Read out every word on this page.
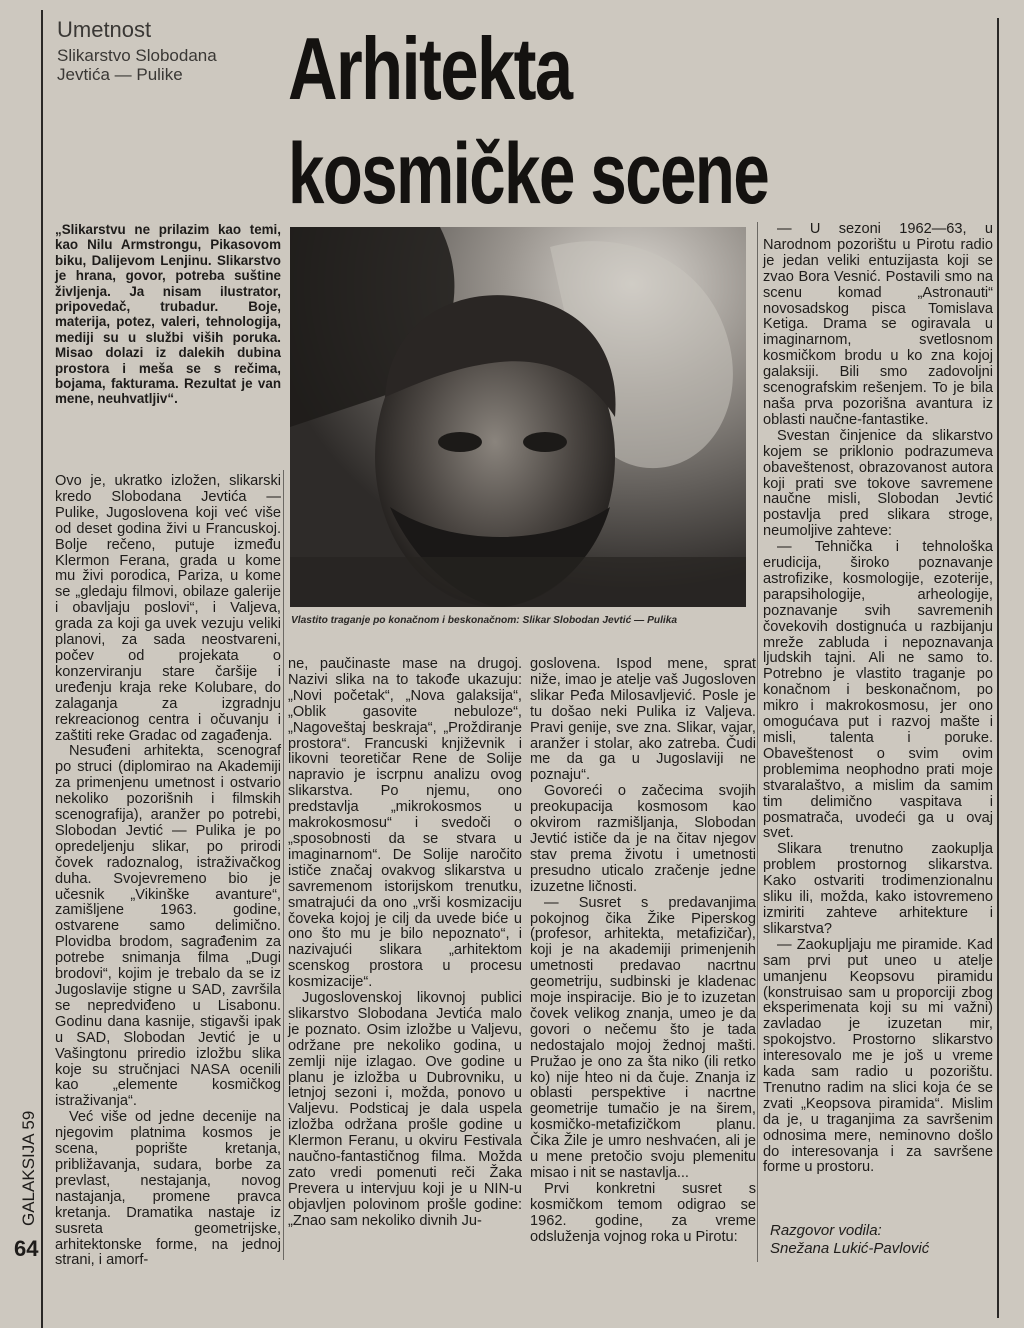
Umetnost
Slikarstvo Slobodana
Jevtića — Pulike	Arhitekta
kosmičke scene
„Slikarstvu ne prilazim kao temi, kao Nilu Armstrongu, Pikasovom biku, Dalijevom Lenjinu. Slikarstvo je hrana, govor, potreba suštine življenja. Ja nisam ilustrator, pripovedač, trubadur. Boje, materija, potez, valeri, tehnologija, mediji su u službi viših poruka. Misao dolazi iz dalekih dubina prostora i meša se s rečima, bojama, fakturama. Rezultat je van mene, neuhvatljiv“.
Vlastito traganje po konačnom i beskonačnom: Slikar Slobodan Jevtić — Pulika

Ovo je, ukratko izložen, slikarski kredo Slobodana Jevtića — Pulike, Jugoslovena koji već više od deset godina živi u Francuskoj. Bolje rečeno, putuje između Klermon Ferana, grada u kome mu živi porodica, Pariza, u kome se „gledaju filmovi, obilaze galerije i obavljaju poslovi“, i Valjeva, grada za koji ga uvek vezuju veliki planovi, za sada neostvareni, počev od projekata o konzerviranju stare čaršije i uređenju kraja reke Kolubare, do zalaganja za izgradnju rekreacionog centra i očuvanju i zaštiti reke Gradac od zagađenja.

Nesuđeni arhitekta, scenograf po struci (diplomirao na Akademiji za primenjenu umetnost i ostvario nekoliko pozorišnih i filmskih scenografija), aranžer po potrebi, Slobodan Jevtić — Pulika je po opredeljenju slikar, po prirodi čovek radoznalog, istraživačkog duha. Svojevremeno bio je učesnik „Vikinške avanture“, zamišljene 1963. godine, ostvarene samo delimično. Plovidba brodom, sagrađenim za potrebe snimanja filma „Dugi brodovi“, kojim je trebalo da se iz Jugoslavije stigne u SAD, završila se nepredviđeno u Lisabonu. Godinu dana kasnije, stigavši ipak u SAD, Slobodan Jevtić je u Vašingtonu priredio izložbu slika koje su stručnjaci NASA ocenili kao „elemente kosmičkog istraživanja“.

Već više od jedne decenije na njegovim platnima kosmos je scena, poprište kretanja, približavanja, sudara, borbe za prevlast, nestajanja, novog nastajanja, promene pravca kretanja. Dramatika nastaje iz susreta geometrijske, arhitektonske forme, na jednoj strani, i amorf-

ne, paučinaste mase na drugoj. Nazivi slika na to takođe ukazuju: „Novi početak“, „Nova galaksija“, „Oblik gasovite nebuloze“, „Nagoveštaj beskraja“, „Proždiranje prostora“. Francuski književnik i likovni teoretičar Rene de Solije napravio je iscrpnu analizu ovog slikarstva. Po njemu, ono predstavlja „mikrokosmos u makrokosmosu“ i svedoči o „sposobnosti da se stvara u imaginarnom“. De Solije naročito ističe značaj ovakvog slikarstva u savremenom istorijskom trenutku, smatrajući da ono „vrši kosmizaciju čoveka kojoj je cilj da uvede biće u ono što mu je bilo nepoznato“, i nazivajući slikara „arhitektom scenskog prostora u procesu kosmizacije“.

Jugoslovenskoj likovnoj publici slikarstvo Slobodana Jevtića malo je poznato. Osim izložbe u Valjevu, održane pre nekoliko godina, u zemlji nije izlagao. Ove godine u planu je izložba u Dubrovniku, u letnjoj sezoni i, možda, ponovo u Valjevu. Podsticaj je dala uspela izložba održana prošle godine u Klermon Feranu, u okviru Festivala naučno-fantastičnog filma. Možda zato vredi pomenuti reči Žaka Prevera u intervjuu koji je u NIN-u objavljen polovinom prošle godine: „Znao sam nekoliko divnih Ju-

goslovena. Ispod mene, sprat niže, imao je atelje vaš Jugosloven slikar Peđa Milosavljević. Posle je tu došao neki Pulika iz Valjeva. Pravi genije, sve zna. Slikar, vajar, aranžer i stolar, ako zatreba. Čudi me da ga u Jugoslaviji ne poznaju“.

Govoreći o začecima svojih preokupacija kosmosom kao okvirom razmišljanja, Slobodan Jevtić ističe da je na čitav njegov stav prema životu i umetnosti presudno uticalo zračenje jedne izuzetne ličnosti.

— Susret s predavanjima pokojnog čika Žike Piperskog (profesor, arhitekta, metafizičar), koji je na akademiji primenjenih umetnosti predavao nacrtnu geometriju, sudbinski je kladenac moje inspiracije. Bio je to izuzetan čovek velikog znanja, umeo je da govori o nečemu što je tada nedostajalo mojoj žednoj mašti. Pružao je ono za šta niko (ili retko ko) nije hteo ni da čuje. Znanja iz oblasti perspektive i nacrtne geometrije tumačio je na širem, kosmičko-metafizičkom planu. Čika Žile je umro neshvaćen, ali je u mene pretočio svoju plemenitu misao i nit se nastavlja...

Prvi konkretni susret s kosmičkom temom odigrao se 1962. godine, za vreme odsluženja vojnog roka u Pirotu:

— U sezoni 1962—63, u Narodnom pozorištu u Pirotu radio je jedan veliki entuzijasta koji se zvao Bora Vesnić. Postavili smo na scenu komad „Astronauti“ novosadskog pisca Tomislava Ketiga. Drama se ogiravala u imaginarnom, svetlosnom kosmičkom brodu u ko zna kojoj galaksiji. Bili smo zadovoljni scenografskim rešenjem. To je bila naša prva pozorišna avantura iz oblasti naučne-fantastike.

Svestan činjenice da slikarstvo kojem se priklonio podrazumeva obaveštenost, obrazovanost autora koji prati sve tokove savremene naučne misli, Slobodan Jevtić postavlja pred slikara stroge, neumoljive zahteve:

— Tehnička i tehnološka erudicija, široko poznavanje astrofizike, kosmologije, ezoterije, parapsihologije, arheologije, poznavanje svih savremenih čovekovih dostignuća u razbijanju mreže zabluda i nepoznavanja ljudskih tajni. Ali ne samo to. Potrebno je vlastito traganje po konačnom i beskonačnom, po mikro i makrokosmosu, jer ono omogućava put i razvoj mašte i misli, talenta i poruke. Obaveštenost o svim ovim problemima neophodno prati moje stvaralaštvo, a mislim da samim tim delimično vaspitava i posmatrača, uvodeći ga u ovaj svet.

Slikara trenutno zaokuplja problem prostornog slikarstva. Kako ostvariti trodimenzionalnu sliku ili, možda, kako istovremeno izmiriti zahteve arhitekture i slikarstva?

— Zaokupljaju me piramide. Kad sam prvi put uneo u atelje umanjenu Keopsovu piramidu (konstruisao sam u proporciji zbog eksperimenata koji su mi važni) zavladao je izuzetan mir, spokojstvo. Prostorno slikarstvo interesovalo me je još u vreme kada sam radio u pozorištu. Trenutno radim na slici koja će se zvati „Keopsova piramida“. Mislim da je, u traganjima za savršenim odnosima mere, neminovno došlo do interesovanja i za savršene forme u prostoru.

Razgovor vodila:
Snežana Lukić-Pavlović
GALAKSIJA 59
64
